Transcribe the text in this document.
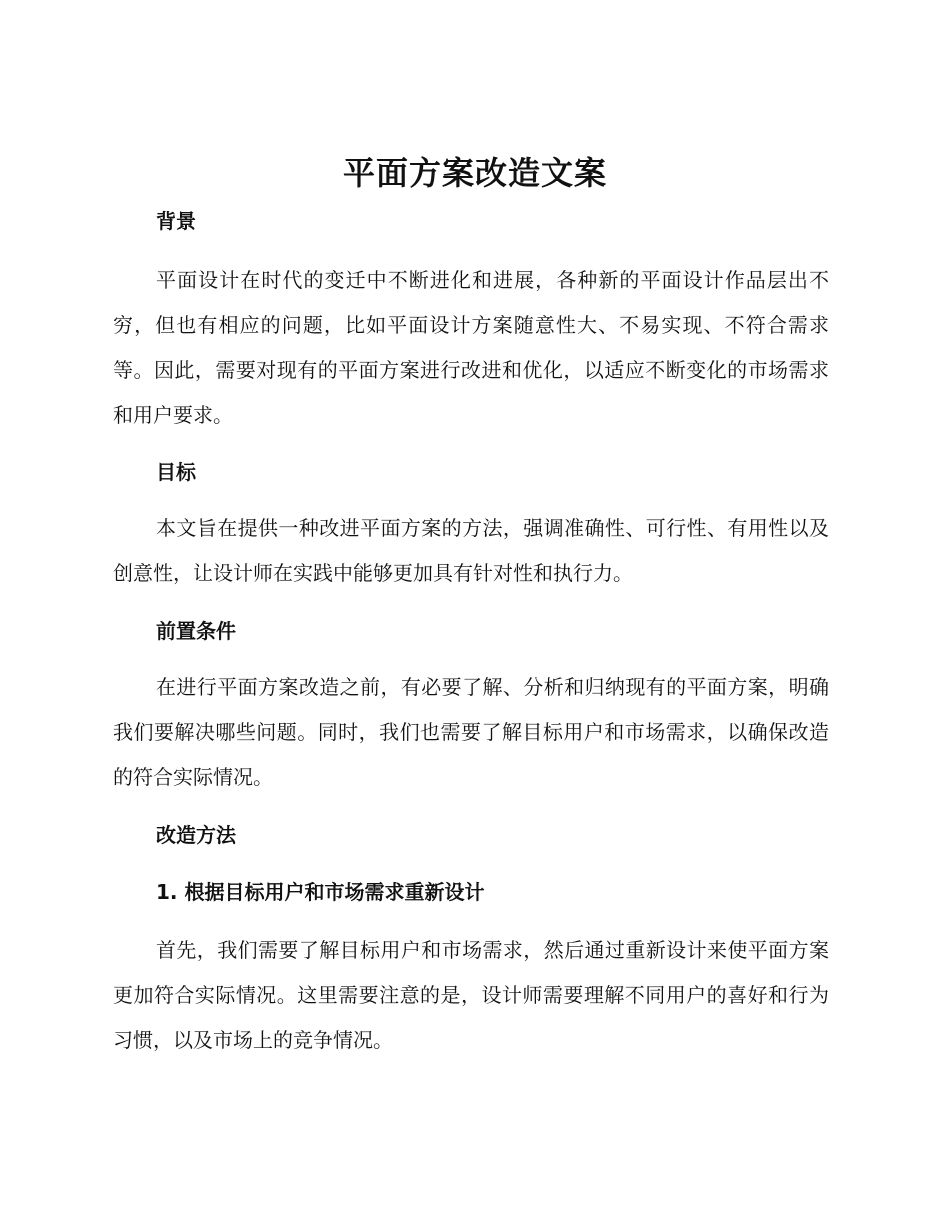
平面方案改造文案
背景

平面设计在时代的变迁中不断进化和进展，各种新的平面设计作品层出不穷，但也有相应的问题，比如平面设计方案随意性大、不易实现、不符合需求等。因此，需要对现有的平面方案进行改进和优化，以适应不断变化的市场需求和用户要求。

目标

本文旨在提供一种改进平面方案的方法，强调准确性、可行性、有用性以及创意性，让设计师在实践中能够更加具有针对性和执行力。

前置条件

在进行平面方案改造之前，有必要了解、分析和归纳现有的平面方案，明确我们要解决哪些问题。同时，我们也需要了解目标用户和市场需求，以确保改造的符合实际情况。

改造方法
1. 根据目标用户和市场需求重新设计

首先，我们需要了解目标用户和市场需求，然后通过重新设计来使平面方案更加符合实际情况。这里需要注意的是，设计师需要理解不同用户的喜好和行为习惯，以及市场上的竞争情况。
